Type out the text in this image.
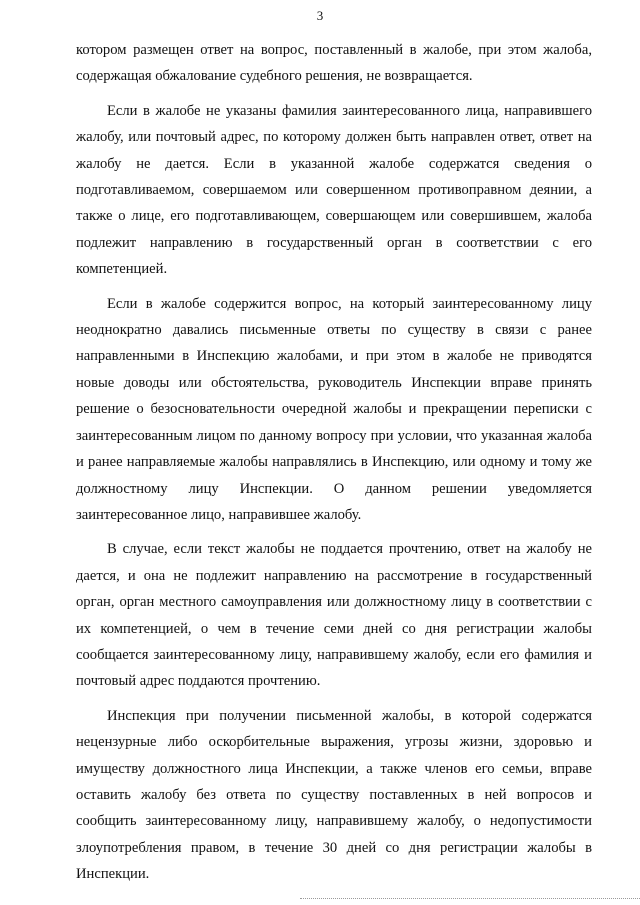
3

котором размещен ответ на вопрос, поставленный в жалобе, при этом жалоба, содержащая обжалование судебного решения, не возвращается.

Если в жалобе не указаны фамилия заинтересованного лица, направившего жалобу, или почтовый адрес, по которому должен быть направлен ответ, ответ на жалобу не дается. Если в указанной жалобе содержатся сведения о подготавливаемом, совершаемом или совершенном противоправном деянии, а также о лице, его подготавливающем, совершающем или совершившем, жалоба подлежит направлению в государственный орган в соответствии с его компетенцией.

Если в жалобе содержится вопрос, на который заинтересованному лицу неоднократно давались письменные ответы по существу в связи с ранее направленными в Инспекцию жалобами, и при этом в жалобе не приводятся новые доводы или обстоятельства, руководитель Инспекции вправе принять решение о безосновательности очередной жалобы и прекращении переписки с заинтересованным лицом по данному вопросу при условии, что указанная жалоба и ранее направляемые жалобы направлялись в Инспекцию, или одному и тому же должностному лицу Инспекции. О данном решении уведомляется заинтересованное лицо, направившее жалобу.

В случае, если текст жалобы не поддается прочтению, ответ на жалобу не дается, и она не подлежит направлению на рассмотрение в государственный орган, орган местного самоуправления или должностному лицу в соответствии с их компетенцией, о чем в течение семи дней со дня регистрации жалобы сообщается заинтересованному лицу, направившему жалобу, если его фамилия и почтовый адрес поддаются прочтению.

Инспекция при получении письменной жалобы, в которой содержатся нецензурные либо оскорбительные выражения, угрозы жизни, здоровью и имуществу должностного лица Инспекции, а также членов его семьи, вправе оставить жалобу без ответа по существу поставленных в ней вопросов и сообщить заинтересованному лицу, направившему жалобу, о недопустимости злоупотребления правом, в течение 30 дней со дня регистрации жалобы в Инспекции.
